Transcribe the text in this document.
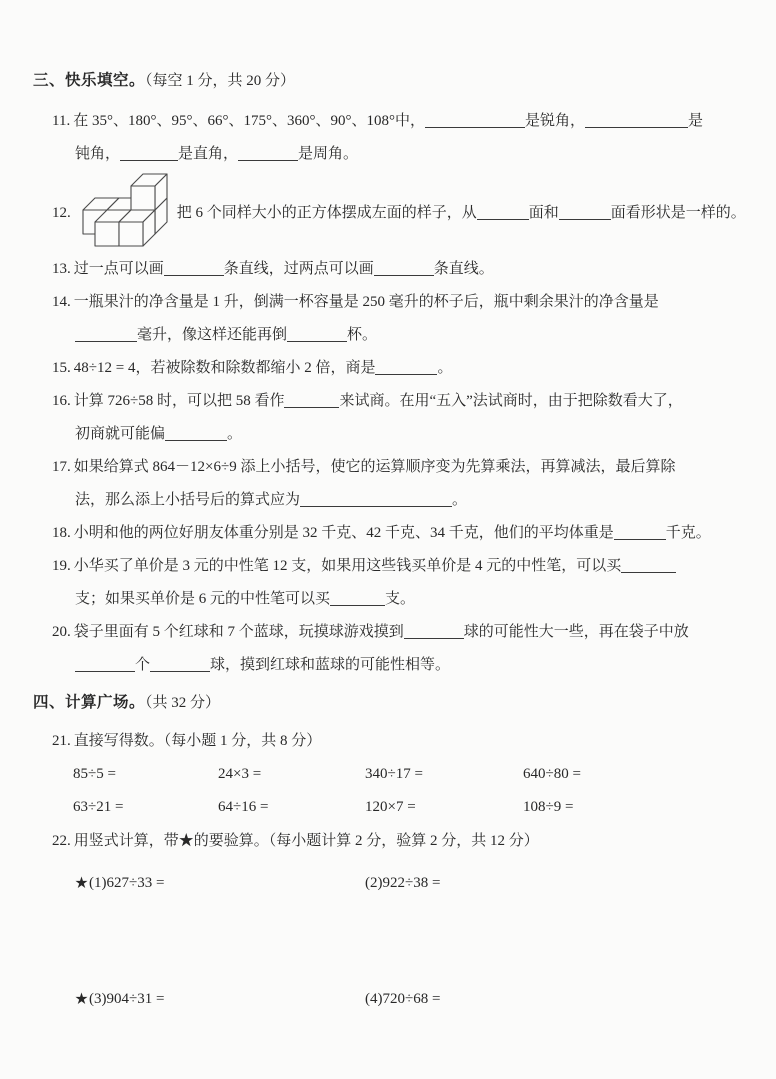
三、快乐填空。（每空 1 分，共 20 分）

11. 在 35°、180°、95°、66°、175°、360°、90°、108°中，	是锐角，	是
钝角，	是直角，	是周角。

12.	把 6 个同样大小的正方体摆成左面的样子，从	面和	面看形状是一样的。

13. 过一点可以画	条直线，过两点可以画	条直线。

14. 一瓶果汁的净含量是 1 升，倒满一杯容量是 250 毫升的杯子后，瓶中剩余果汁的净含量是
毫升，像这样还能再倒	杯。

15. 48÷12 = 4，若被除数和除数都缩小 2 倍，商是	。

16. 计算 726÷58 时，可以把 58 看作	来试商。在用“五入”法试商时，由于把除数看大了，
初商就可能偏	。

17. 如果给算式 864－12×6÷9 添上小括号，使它的运算顺序变为先算乘法，再算减法，最后算除
法，那么添上小括号后的算式应为	。

18. 小明和他的两位好朋友体重分别是 32 千克、42 千克、34 千克，他们的平均体重是	千克。

19. 小华买了单价是 3 元的中性笔 12 支，如果用这些钱买单价是 4 元的中性笔，可以买
支；如果买单价是 6 元的中性笔可以买	支。

20. 袋子里面有 5 个红球和 7 个蓝球，玩摸球游戏摸到	球的可能性大一些，再在袋子中放
个	球，摸到红球和蓝球的可能性相等。

四、计算广场。（共 32 分）

21. 直接写得数。（每小题 1 分，共 8 分）

85÷5 =	24×3 =	340÷17 =	640÷80 =
63÷21 =	64÷16 =	120×7 =	108÷9 =

22. 用竖式计算，带★的要验算。（每小题计算 2 分，验算 2 分，共 12 分）

★(1)627÷33 =	(2)922÷38 =
★(3)904÷31 =	(4)720÷68 =
